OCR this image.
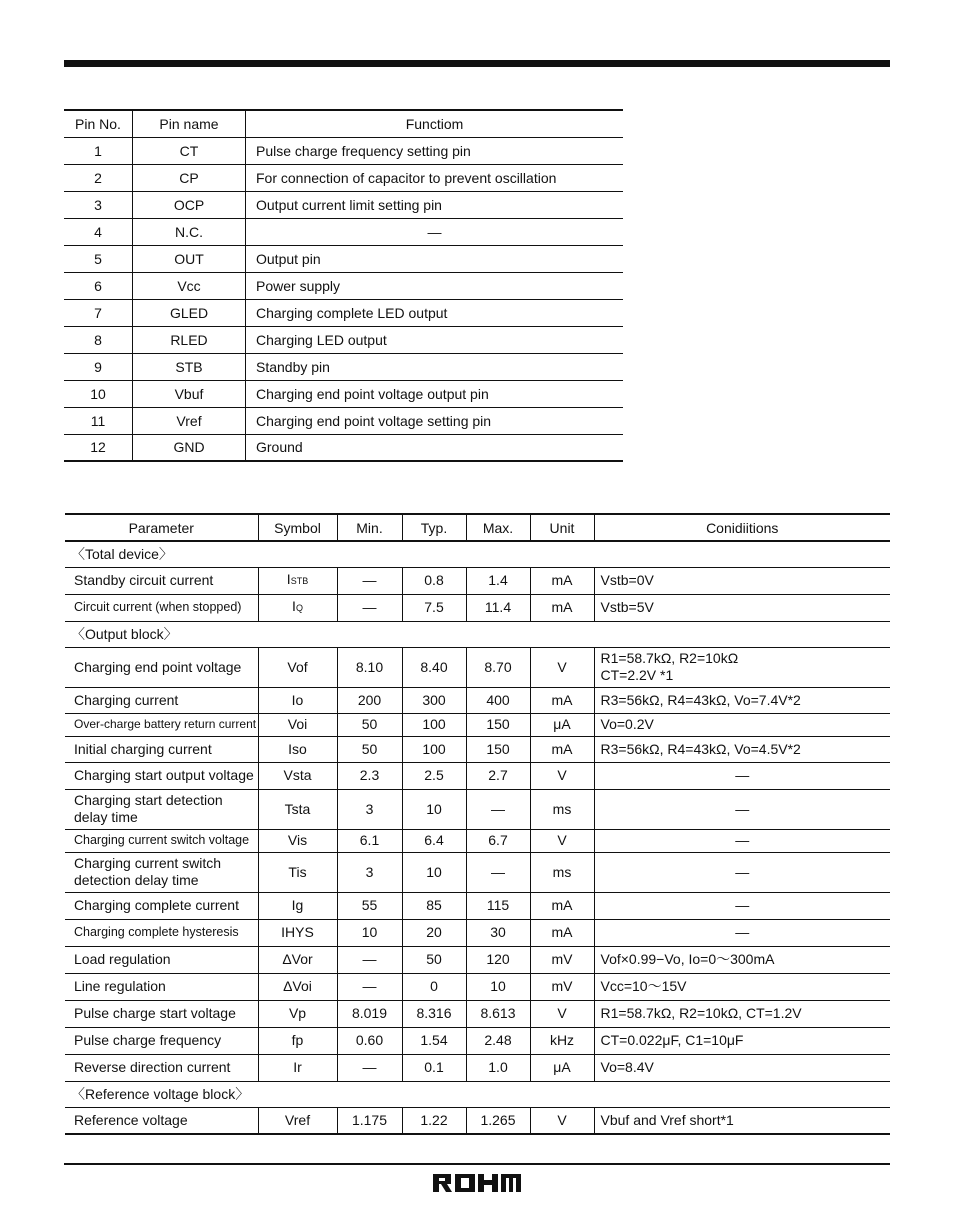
Pin No.	Pin name	Functiom
1	CT	Pulse charge frequency setting pin
2	CP	For connection of capacitor to prevent oscillation
3	OCP	Output current limit setting pin
4	N.C.	—
5	OUT	Output pin
6	Vcc	Power supply
7	GLED	Charging complete LED output
8	RLED	Charging LED output
9	STB	Standby pin
10	Vbuf	Charging end point voltage output pin
11	Vref	Charging end point voltage setting pin
12	GND	Ground
Parameter	Symbol	Min.	Typ.	Max.	Unit	Conidiitions
〈Total device〉						
Standby circuit current	ISTB	—	0.8	1.4	mA	Vstb=0V
Circuit current (when stopped)	IQ	—	7.5	11.4	mA	Vstb=5V
〈Output block〉						
Charging end point voltage	Vof	8.10	8.40	8.70	V	R1=58.7kΩ, R2=10kΩ
CT=2.2V *1

Charging current	Io	200	300	400	mA	R3=56kΩ, R4=43kΩ, Vo=7.4V*2
Over-charge battery return current	Voi	50	100	150	μA	Vo=0.2V
Initial charging current	Iso	50	100	150	mA	R3=56kΩ, R4=43kΩ, Vo=4.5V*2
Charging start output voltage	Vsta	2.3	2.5	2.7	V	—

Charging start detection
delay time	Tsta	3	10	—	ms	—
Charging current switch voltage	Vis	6.1	6.4	6.7	V	—

Charging current switch
detection delay time	Tis	3	10	—	ms	—
Charging complete current	Ig	55	85	115	mA	—
Charging complete hysteresis	IHYS	10	20	30	mA	—
Load regulation	ΔVor	—	50	120	mV	Vof×0.99−Vo, Io=0〜300mA
Line regulation	ΔVoi	—	0	10	mV	Vcc=10〜15V
Pulse charge start voltage	Vp	8.019	8.316	8.613	V	R1=58.7kΩ, R2=10kΩ, CT=1.2V
Pulse charge frequency	fp	0.60	1.54	2.48	kHz	CT=0.022μF, C1=10μF
Reverse direction current	Ir	—	0.1	1.0	μA	Vo=8.4V
〈Reference voltage block〉						
Reference voltage	Vref	1.175	1.22	1.265	V	Vbuf and Vref short*1
